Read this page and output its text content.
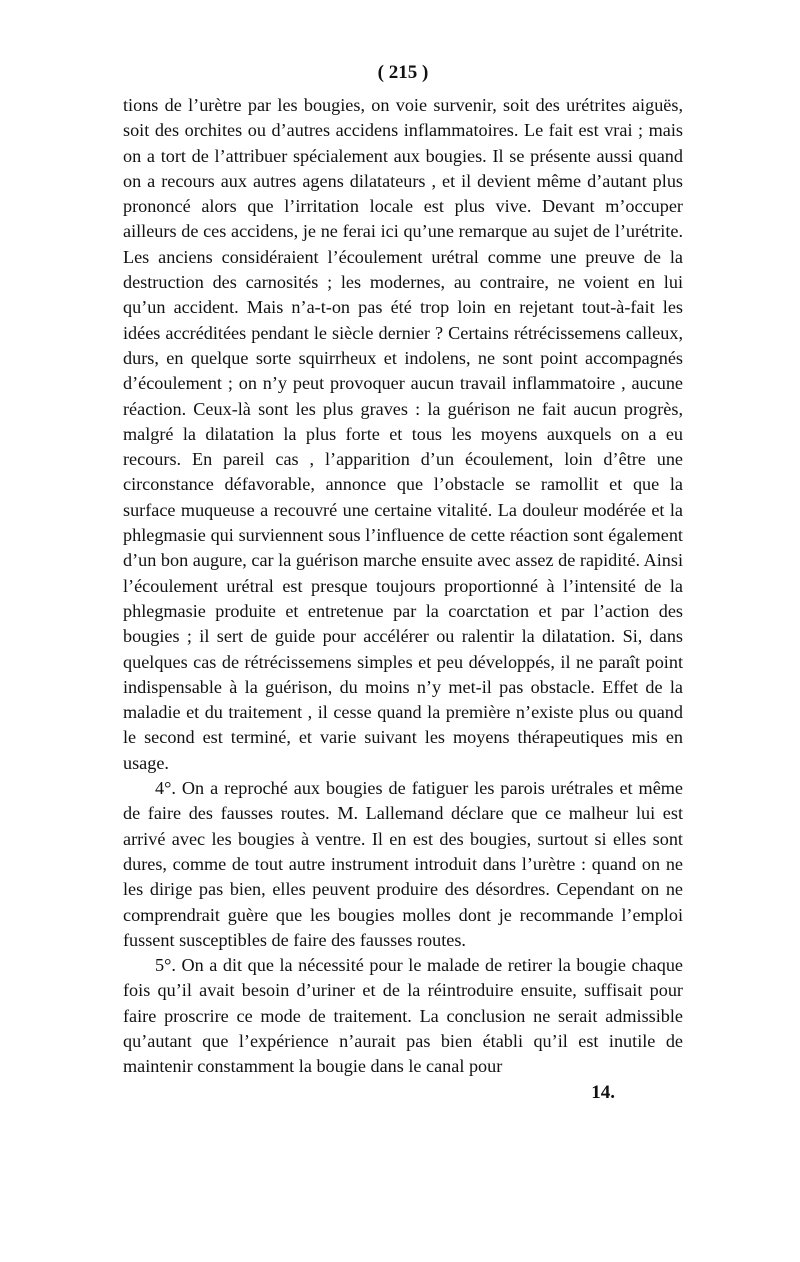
( 215 )

tions de l’urètre par les bougies, on voie survenir, soit des urétrites aiguës, soit des orchites ou d’autres accidens inflammatoires. Le fait est vrai ; mais on a tort de l’attribuer spécialement aux bougies. Il se présente aussi quand on a recours aux autres agens dilatateurs , et il devient même d’autant plus prononcé alors que l’irritation locale est plus vive. Devant m’occuper ailleurs de ces accidens, je ne ferai ici qu’une remarque au sujet de l’urétrite. Les anciens considéraient l’écoulement urétral comme une preuve de la destruction des carnosités ; les modernes, au contraire, ne voient en lui qu’un accident. Mais n’a-t-on pas été trop loin en rejetant tout-à-fait les idées accréditées pendant le siècle dernier ? Certains rétrécissemens calleux, durs, en quelque sorte squirrheux et indolens, ne sont point accompagnés d’écoulement ; on n’y peut provoquer aucun travail inflammatoire , aucune réaction. Ceux-là sont les plus graves : la guérison ne fait aucun progrès, malgré la dilatation la plus forte et tous les moyens auxquels on a eu recours. En pareil cas , l’apparition d’un écoulement, loin d’être une circonstance défavorable, annonce que l’obstacle se ramollit et que la surface muqueuse a recouvré une certaine vitalité. La douleur modérée et la phlegmasie qui surviennent sous l’influence de cette réaction sont également d’un bon augure, car la guérison marche ensuite avec assez de rapidité. Ainsi l’écoulement urétral est presque toujours proportionné à l’intensité de la phlegmasie produite et entretenue par la coarctation et par l’action des bougies ; il sert de guide pour accélérer ou ralentir la dilatation. Si, dans quelques cas de rétrécissemens simples et peu développés, il ne paraît point indispensable à la guérison, du moins n’y met-il pas obstacle. Effet de la maladie et du traitement , il cesse quand la première n’existe plus ou quand le second est terminé, et varie suivant les moyens thérapeutiques mis en usage.

4°. On a reproché aux bougies de fatiguer les parois urétrales et même de faire des fausses routes. M. Lallemand déclare que ce malheur lui est arrivé avec les bougies à ventre. Il en est des bougies, surtout si elles sont dures, comme de tout autre instrument introduit dans l’urètre : quand on ne les dirige pas bien, elles peuvent produire des désordres. Cependant on ne comprendrait guère que les bougies molles dont je recommande l’emploi fussent susceptibles de faire des fausses routes.

5°. On a dit que la nécessité pour le malade de retirer la bougie chaque fois qu’il avait besoin d’uriner et de la réintroduire ensuite, suffisait pour faire proscrire ce mode de traitement. La conclusion ne serait admissible qu’autant que l’expérience n’aurait pas bien établi qu’il est inutile de maintenir constamment la bougie dans le canal pour

14.
